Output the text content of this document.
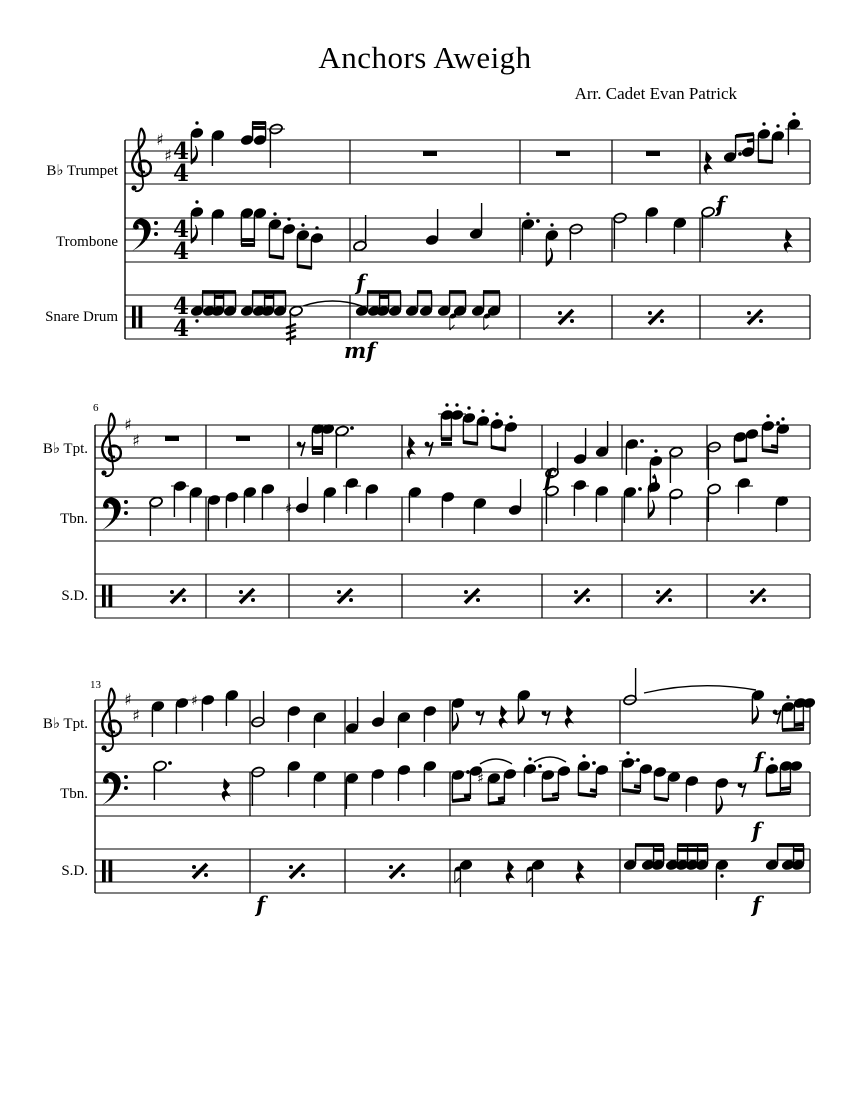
Anchors Aweigh
Arr. Cadet Evan Patrick
♯
♯ 4
4
4
4
4
4
f
mf
f
♯
♯
♯
f
♯
♯
♯
♯
f
f
f	f
B♭ Trumpet
Trombone
Snare Drum
6
B♭ Tpt.
Tbn.
S.D.
13
B♭ Tpt.
Tbn.
S.D.
